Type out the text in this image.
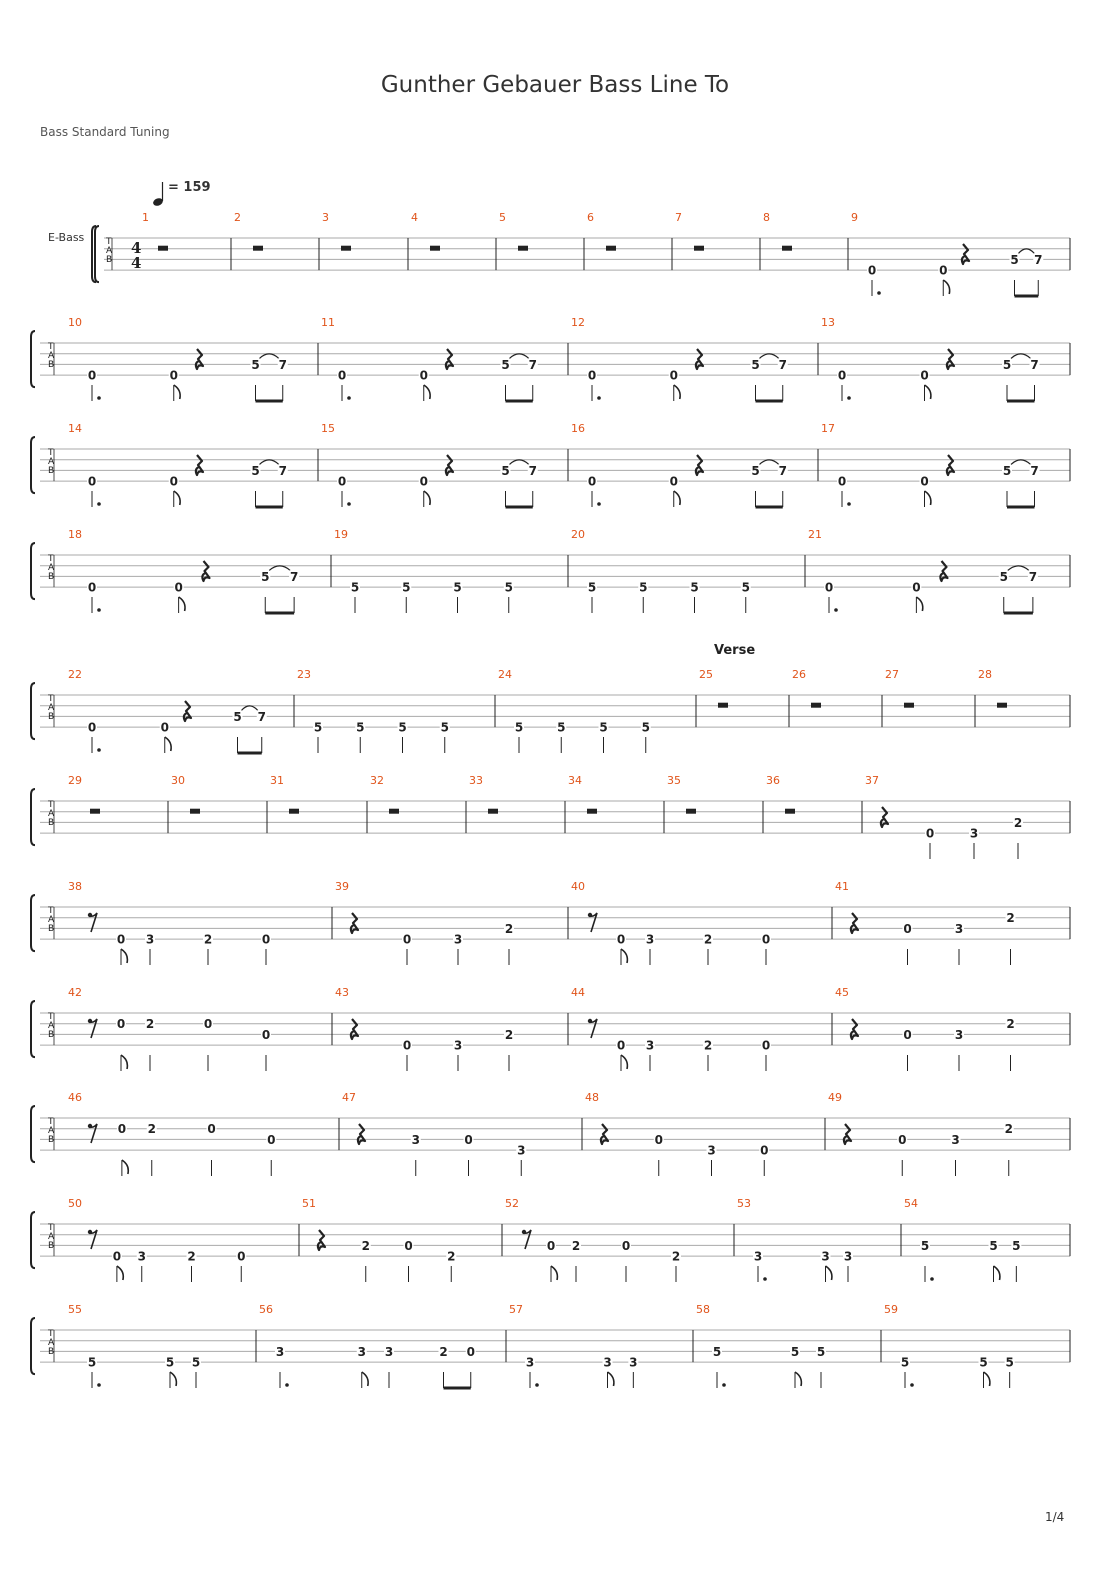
Gunther Gebauer Bass Line To
Bass Standard Tuning
= 159
E-Bass
1/4
T
A
B
4
4
1	2	3	4	5	6	7	8	9
0	0
5 7
T
A
B
10
0	0
5 7
11
0	0
5 7
12
0	0
5 7
13
0	0
5 7
T
A
B
14
0	0
5 7
15
0	0
5 7
16
0	0
5 7
17
0	0
5 7
T
A
B
18
0	0
5 7
19
5	5	5	5
20
5	5	5	5
21
0	0
5 7
T
A
B
22
0	0
5 7
23
5	5	5	5
24
5	5	5	5
25
Verse
26	27	28
T
A
B
29	30	31	32	33	34	35	36	37
0	3
2
T
A
B
38
0 3	2	0
39
0	3
2
40
0 3	2	0
41
0	3
2
T
A
B
42
0 2	0
0
43
0	3
2
44
0 3	2	0
45
0	3
2
T
A
B
46
0 2	0
0
47
3	0
3
48
0
3	0
49
0	3
2
T
A
B
50
0 3	2	0
51
2	0
2
52
0 2	0
2
53
3	3 3
54
5	5 5
T
A
B
55
5	5 5
56
3	3 3	2 0
57
3	3 3
58
5	5 5
59
5	5 5
